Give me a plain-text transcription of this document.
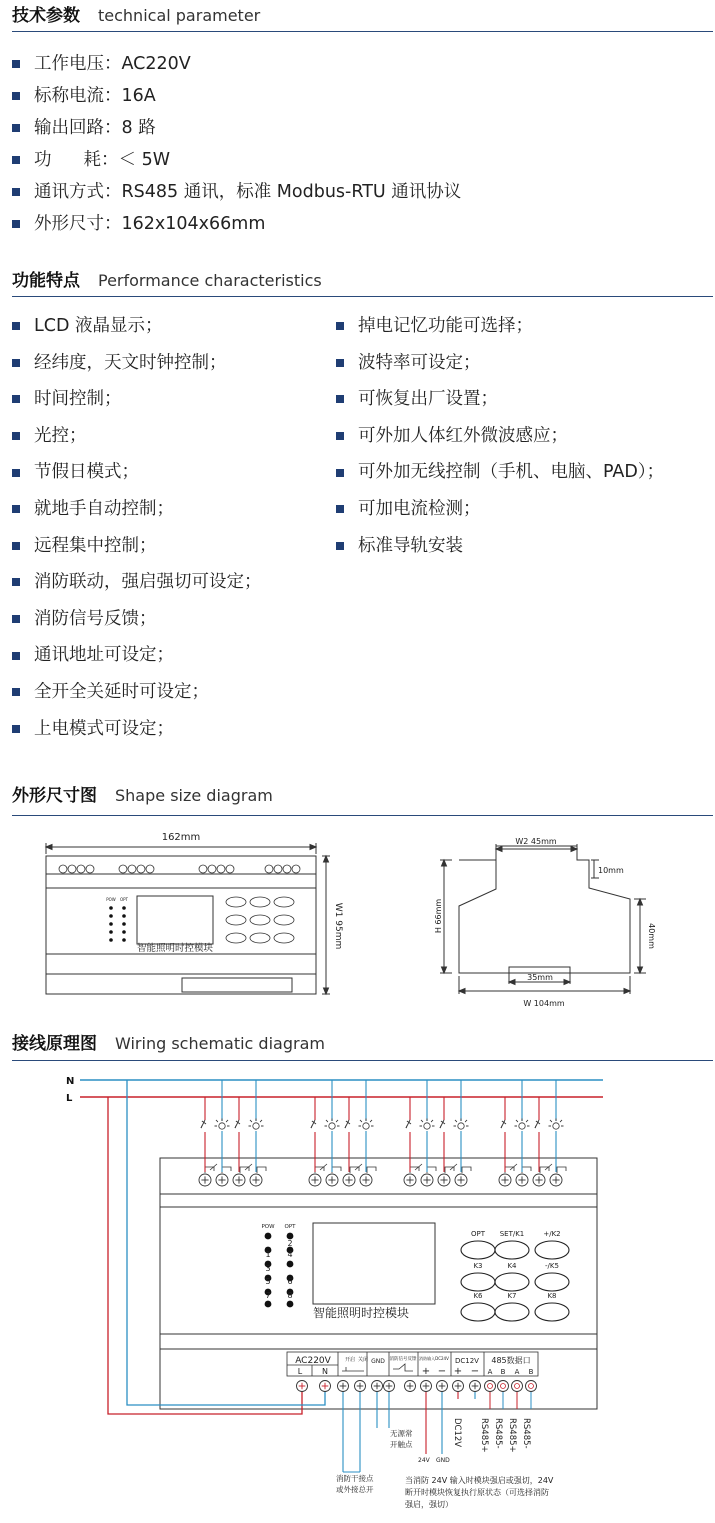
技术参数 technical parameter
工作电压：AC220V
标称电流：16A
输出回路：8 路
功 耗：＜ 5W
通讯方式：RS485 通讯，标准 Modbus-RTU 通讯协议
外形尺寸：162x104x66mm
功能特点 Performance characteristics
LCD 液晶显示；
经纬度，天文时钟控制；
时间控制；
光控；
节假日模式；
就地手自动控制；
远程集中控制；
消防联动，强启强切可设定；
消防信号反馈；
通讯地址可设定；
全开全关延时可设定；
上电模式可设定；
掉电记忆功能可选择；
波特率可设定；
可恢复出厂设置；
可外加人体红外微波感应；
可外加无线控制（手机、电脑、PAD）；
可加电流检测；
标准导轨安装
外形尺寸图 Shape size diagram
162mm
智能照明时控模块
POW OPT
W1 95mm
W2 45mm
10mm
H 66mm
40mm
35mm
W 104mm
接线原理图 Wiring schematic diagram
N
L
1
3
5
7
2
4
6
8
OPT SET/K1	+/K2
K3	K4	-/K5
K6	K7	K8
智能照明时控模块
POW OPT
AC220V
L N
开启 关闭 GND 消防信号反馈 消防输入DC24V
+ −
DC12V
+ −
485数据口
A B A B
DC12V RS485+ RS485- RS485+ RS485-
无源常
开触点
24V GND
消防干接点
或外接总开
当消防 24V 输入时模块强启或强切，24V
断开时模块恢复执行原状态（可选择消防
强启，强切）
